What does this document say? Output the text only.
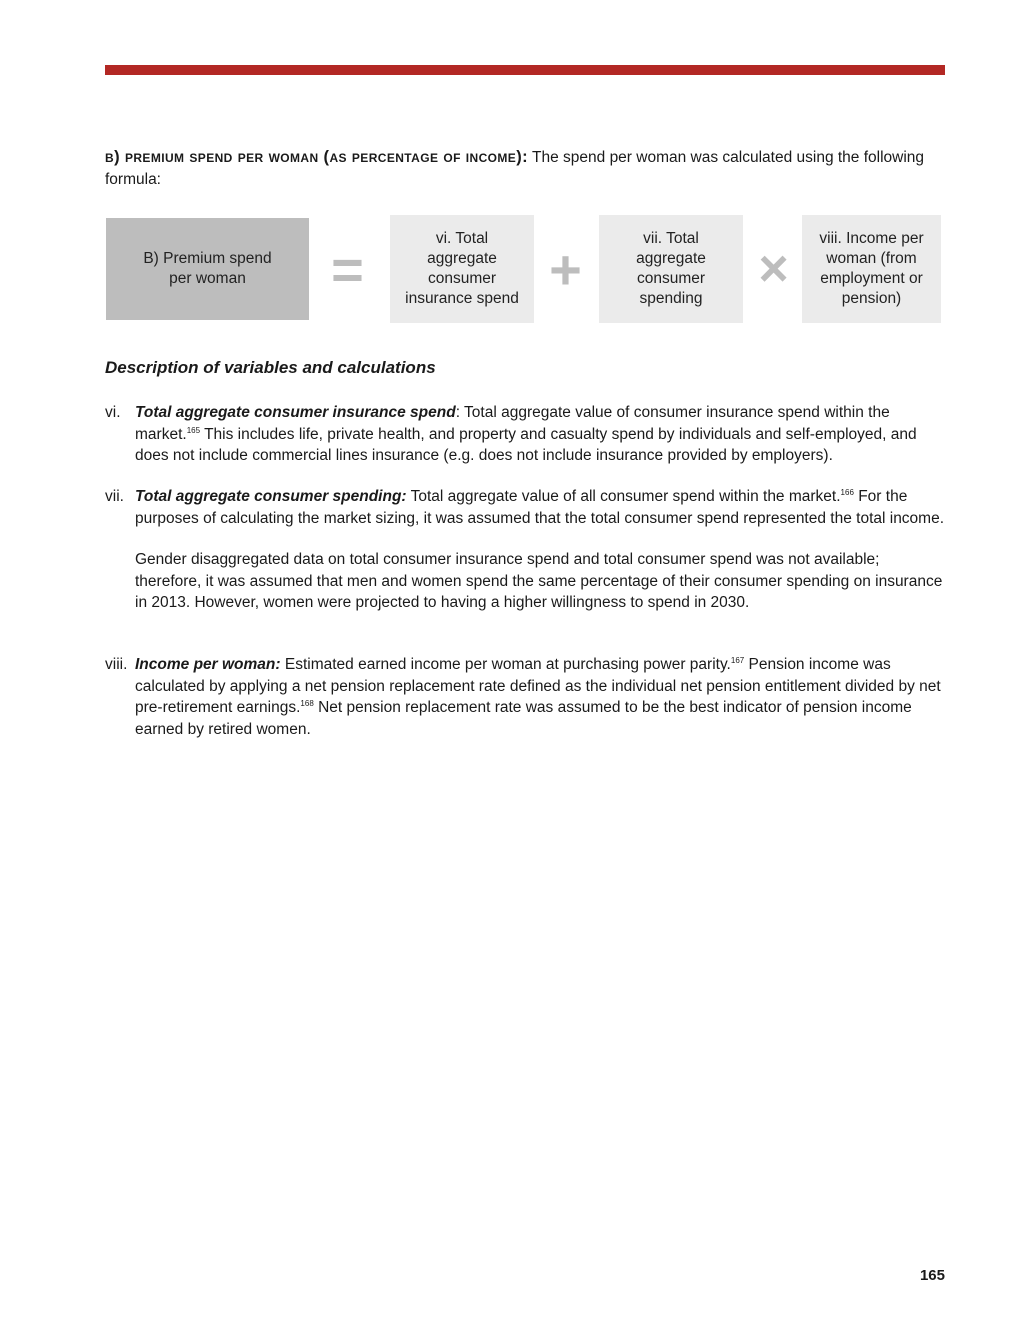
b) premium spend per woman (as percentage of income): The spend per woman was calculated using the following formula:

B) Premium spend per woman	=	vi. Total aggregate consumer insurance spend +	vii. Total aggregate consumer spending
×
viii. Income per woman (from employment or pension)
Description of variables and calculations
vi. Total aggregate consumer insurance spend: Total aggregate value of consumer insurance spend within the market.$^{165}$ This includes life, private health, and property and casualty spend by individuals and self-employed, and does not include commercial lines insurance (e.g. does not include insurance provided by employers).
vii. Total aggregate consumer spending: Total aggregate value of all consumer spend within the market.$^{166}$ For the purposes of calculating the market sizing, it was assumed that the total consumer spend represented the total income.
Gender disaggregated data on total consumer insurance spend and total consumer spend was not available; therefore, it was assumed that men and women spend the same percentage of their consumer spending on insurance in 2013. However, women were projected to having a higher willingness to spend in 2030.
viii. Income per woman: Estimated earned income per woman at purchasing power parity.$^{167}$ Pension income was calculated by applying a net pension replacement rate defined as the individual net pension entitlement divided by net pre-retirement earnings.$^{168}$ Net pension replacement rate was assumed to be the best indicator of pension income earned by retired women.
165
